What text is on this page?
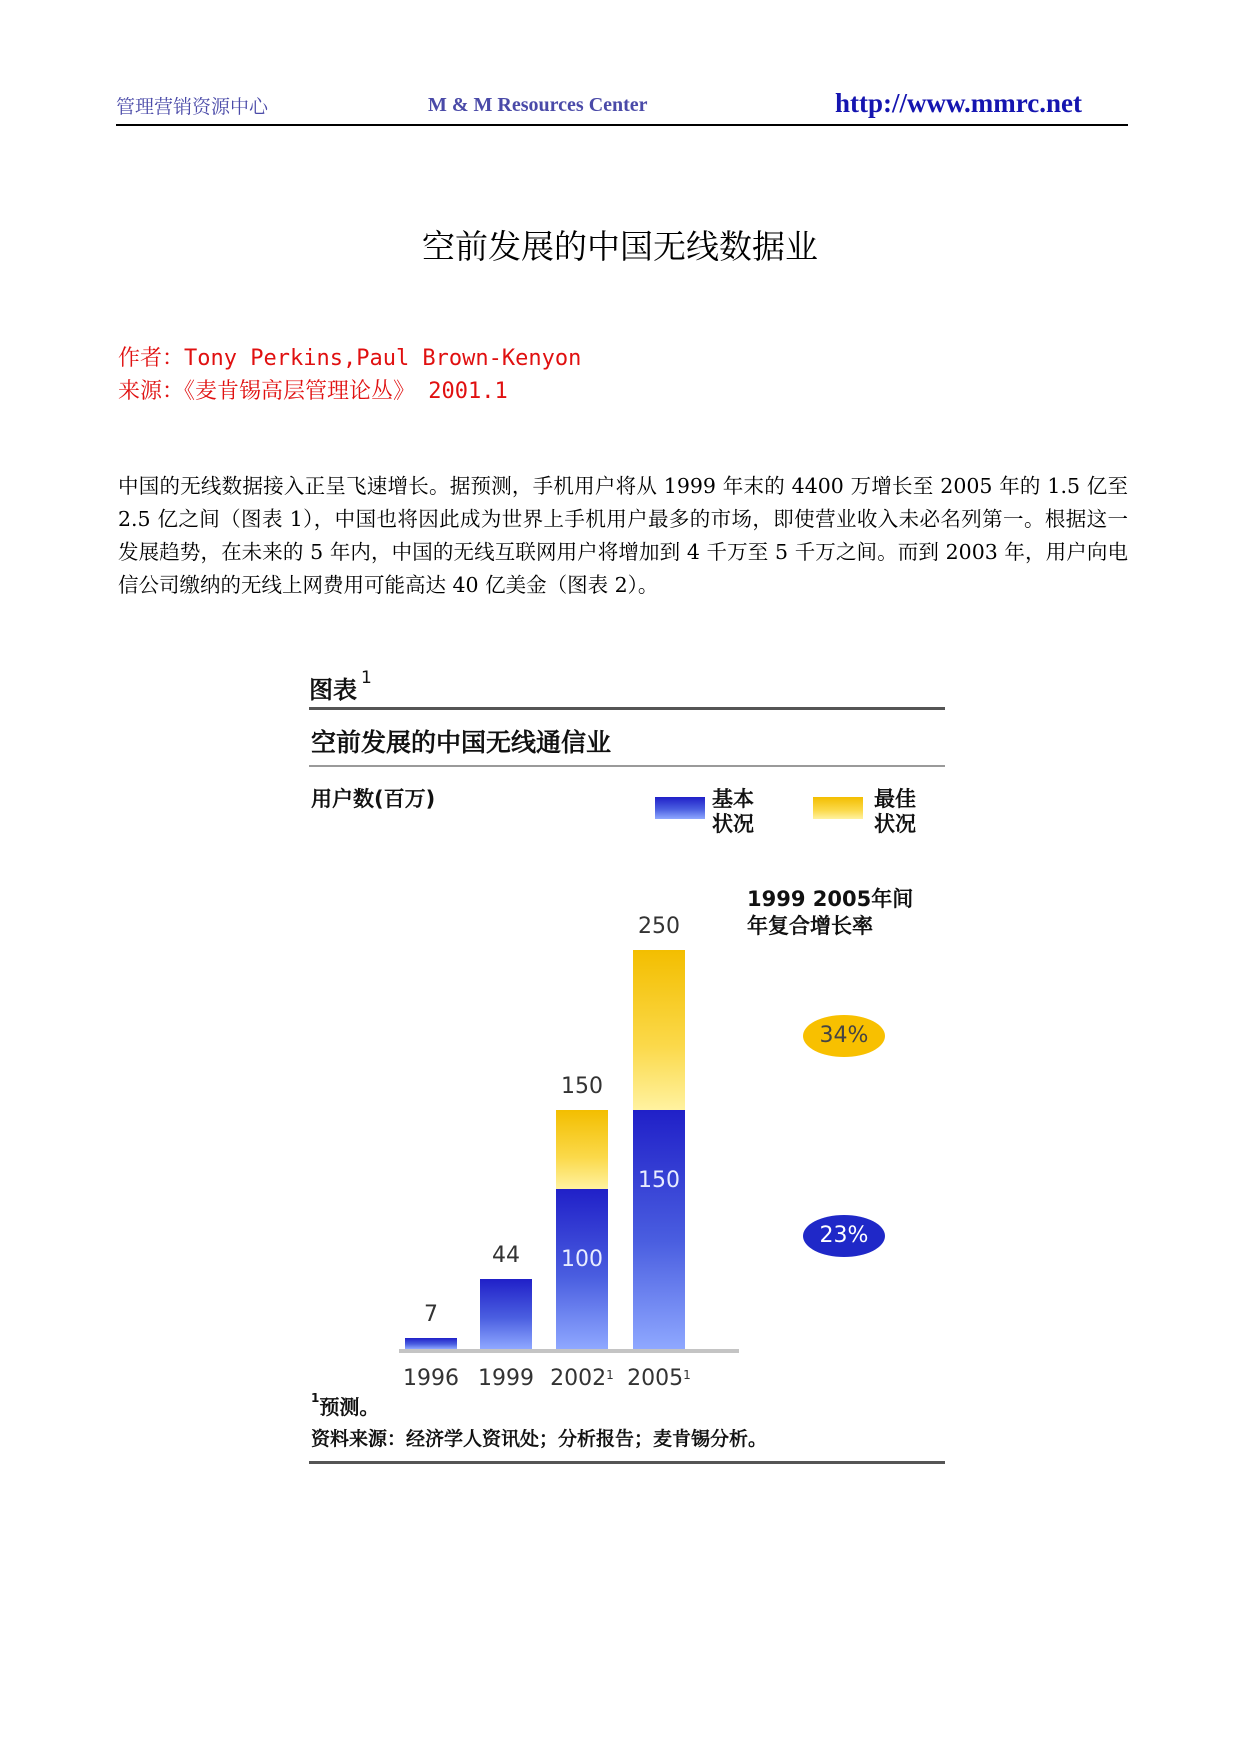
管理营销资源中心	M & M Resources Center	http://www.mmrc.net
空前发展的中国无线数据业
作者：Tony Perkins,Paul Brown-Kenyon
来源：《麦肯锡高层管理论丛》 2001.1
中国的无线数据接入正呈飞速增长。据预测，手机用户将从 1999 年末的 4400 万增长至 2005 年的 1.5 亿至 2.5 亿之间（图表 1），中国也将因此成为世界上手机用户最多的市场，即使营业收入未必名列第一。根据这一发展趋势，在未来的 5 年内，中国的无线互联网用户将增加到 4 千万至 5 千万之间。而到 2003 年，用户向电信公司缴纳的无线上网费用可能高达 40 亿美金（图表 2）。
图表 $^1$
空前发展的中国无线通信业
用户数(百万)	基本
状况
最佳
状况
1999 2005年间
年复合增长率
7
44
150
250
100
150
1996 1999 2002$^1$ 2005$^1$
34%
23%
$^1$预测。
资料来源：经济学人资讯处；分析报告；麦肯锡分析。
